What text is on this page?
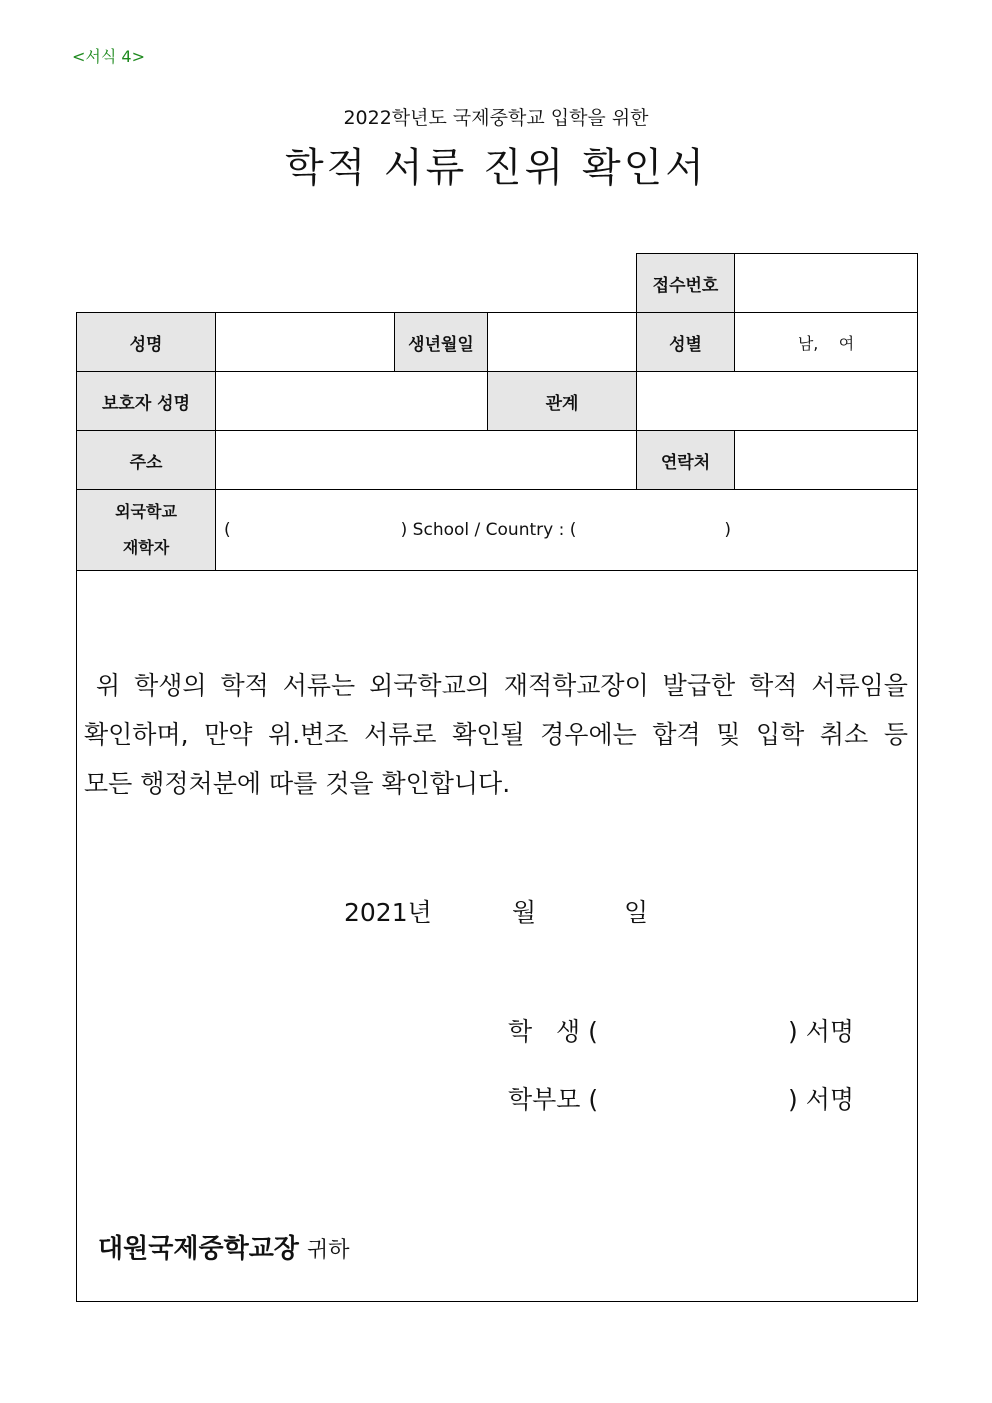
<서식 4>
2022학년도 국제중학교 입학을 위한
학적 서류 진위 확인서
접수번호
성명	생년월일	성별	남,    여
보호자 성명	관계
주소	연락처
외국학교
재학자
(	) School / Country : (	)
위 학생의 학적 서류는 외국학교의 재적학교장이 발급한 학적 서류임을
확인하며, 만약 위.변조 서류로 확인될 경우에는 합격 및 입학 취소 등
모든 행정처분에 따를 것을 확인합니다.
2021년	월	일
학   생 (	) 서명
학부모 (	) 서명
대원국제중학교장 귀하
